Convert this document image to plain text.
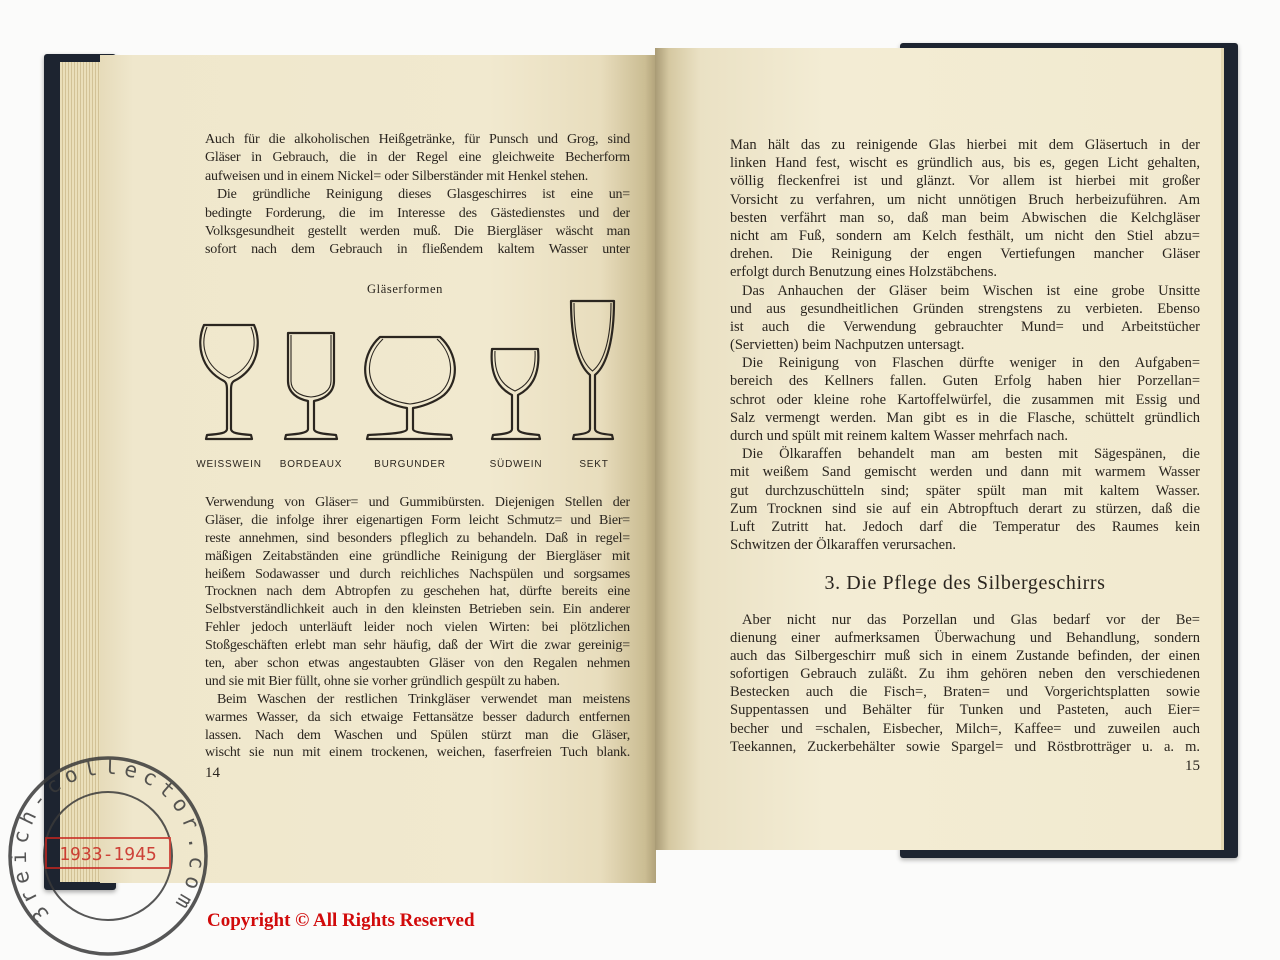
Auch für die alkoholischen Heißgetränke, für Punsch und Grog, sind
Gläser in Gebrauch, die in der Regel eine gleichweite Becherform
aufweisen und in einem Nickel= oder Silberständer mit Henkel stehen.
Die gründliche Reinigung dieses Glasgeschirres ist eine un=
bedingte Forderung, die im Interesse des Gästedienstes und der
Volksgesundheit gestellt werden muß. Die Biergläser wäscht man
sofort nach dem Gebrauch in fließendem kaltem Wasser unter
Gläserformen
WEISSWEIN	BORDEAUX	BURGUNDER	SÜDWEIN	SEKT
Verwendung von Gläser= und Gummibürsten. Diejenigen Stellen der
Gläser, die infolge ihrer eigenartigen Form leicht Schmutz= und Bier=
reste annehmen, sind besonders pfleglich zu behandeln. Daß in regel=
mäßigen Zeitabständen eine gründliche Reinigung der Biergläser mit
heißem Sodawasser und durch reichliches Nachspülen und sorgsames
Trocknen nach dem Abtropfen zu geschehen hat, dürfte bereits eine
Selbstverständlichkeit auch in den kleinsten Betrieben sein. Ein anderer
Fehler jedoch unterläuft leider noch vielen Wirten: bei plötzlichen
Stoßgeschäften erlebt man sehr häufig, daß der Wirt die zwar gereinig=
ten, aber schon etwas angestaubten Gläser von den Regalen nehmen
und sie mit Bier füllt, ohne sie vorher gründlich gespült zu haben.
Beim Waschen der restlichen Trinkgläser verwendet man meistens
warmes Wasser, da sich etwaige Fettansätze besser dadurch entfernen
lassen. Nach dem Waschen und Spülen stürzt man die Gläser,
wischt sie nun mit einem trockenen, weichen, faserfreien Tuch blank.
14
Man hält das zu reinigende Glas hierbei mit dem Gläsertuch in der
linken Hand fest, wischt es gründlich aus, bis es, gegen Licht gehalten,
völlig fleckenfrei ist und glänzt. Vor allem ist hierbei mit großer
Vorsicht zu verfahren, um nicht unnötigen Bruch herbeizuführen. Am
besten verfährt man so, daß man beim Abwischen die Kelchgläser
nicht am Fuß, sondern am Kelch festhält, um nicht den Stiel abzu=
drehen. Die Reinigung der engen Vertiefungen mancher Gläser
erfolgt durch Benutzung eines Holzstäbchens.
Das Anhauchen der Gläser beim Wischen ist eine grobe Unsitte
und aus gesundheitlichen Gründen strengstens zu verbieten. Ebenso
ist auch die Verwendung gebrauchter Mund= und Arbeitstücher
(Servietten) beim Nachputzen untersagt.
Die Reinigung von Flaschen dürfte weniger in den Aufgaben=
bereich des Kellners fallen. Guten Erfolg haben hier Porzellan=
schrot oder kleine rohe Kartoffelwürfel, die zusammen mit Essig und
Salz vermengt werden. Man gibt es in die Flasche, schüttelt gründlich
durch und spült mit reinem kaltem Wasser mehrfach nach.
Die Ölkaraffen behandelt man am besten mit Sägespänen, die
mit weißem Sand gemischt werden und dann mit warmem Wasser
gut durchzuschütteln sind; später spült man mit kaltem Wasser.
Zum Trocknen sind sie auf ein Abtropftuch derart zu stürzen, daß die
Luft Zutritt hat. Jedoch darf die Temperatur des Raumes kein
Schwitzen der Ölkaraffen verursachen.
3. Die Pflege des Silbergeschirrs
Aber nicht nur das Porzellan und Glas bedarf vor der Be=
dienung einer aufmerksamen Überwachung und Behandlung, sondern
auch das Silbergeschirr muß sich in einem Zustande befinden, der einen
sofortigen Gebrauch zuläßt. Zu ihm gehören neben den verschiedenen
Bestecken auch die Fisch=, Braten= und Vorgerichtsplatten sowie
Suppentassen und Behälter für Tunken und Pasteten, auch Eier=
becher und =schalen, Eisbecher, Milch=, Kaffee= und zuweilen auch
Teekannen, Zuckerbehälter sowie Spargel= und Röstbrotträger u. a. m.
15
3reich-collector.com
1933-1945
Copyright © All Rights Reserved
